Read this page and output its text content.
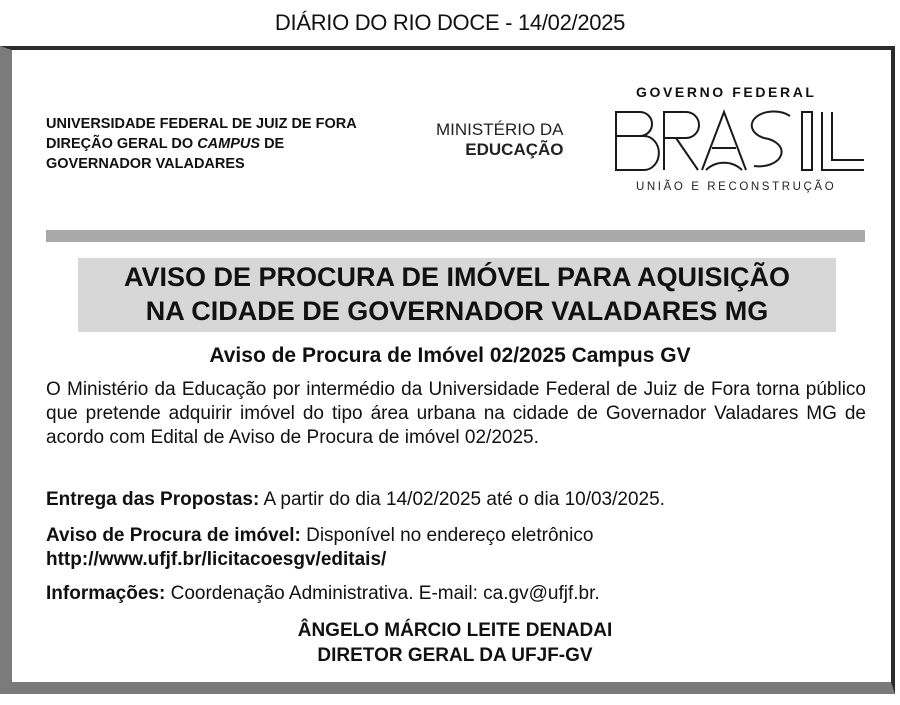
DIÁRIO DO RIO DOCE - 14/02/2025
UNIVERSIDADE FEDERAL DE JUIZ DE FORA
DIREÇÃO GERAL DO CAMPUS DE
GOVERNADOR VALADARES
MINISTÉRIO DA
EDUCAÇÃO
GOVERNO FEDERAL
UNIÃO E RECONSTRUÇÃO
AVISO DE PROCURA DE IMÓVEL PARA AQUISIÇÃO
NA CIDADE DE GOVERNADOR VALADARES MG
Aviso de Procura de Imóvel 02/2025 Campus GV
O Ministério da Educação por intermédio da Universidade Federal de Juiz de Fora torna público que pretende adquirir imóvel do tipo área urbana na cidade de Governador Valadares MG de acordo com Edital de Aviso de Procura de imóvel 02/2025.
Entrega das Propostas: A partir do dia 14/02/2025 até o dia 10/03/2025.
Aviso de Procura de imóvel: Disponível no endereço eletrônico
http://www.ufjf.br/licitacoesgv/editais/
Informações: Coordenação Administrativa. E-mail: ca.gv@ufjf.br.
ÂNGELO MÁRCIO LEITE DENADAI
DIRETOR GERAL DA UFJF-GV
